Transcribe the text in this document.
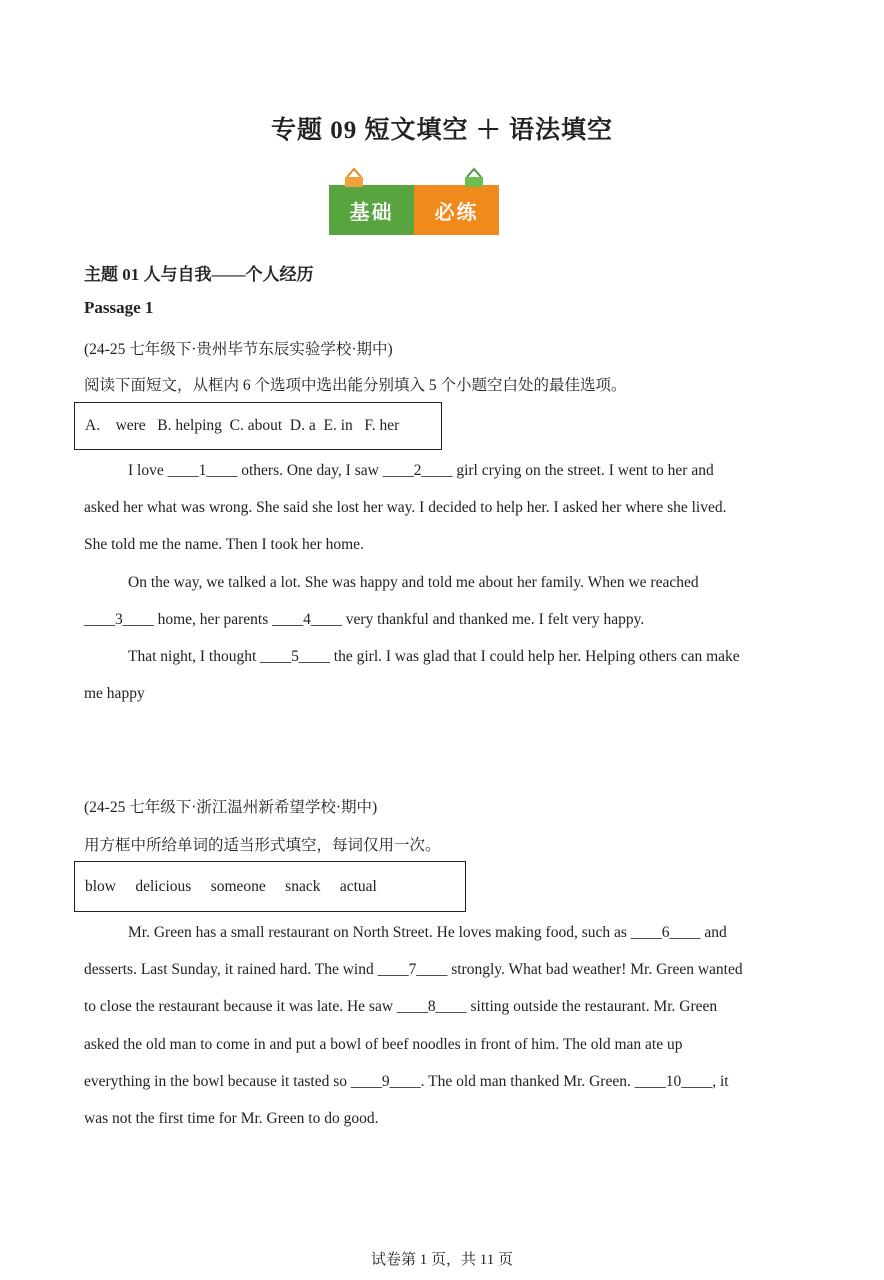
专题 09 短文填空 ＋ 语法填空
基础	必练
主题 01 人与自我——个人经历
Passage 1
(24-25 七年级下·贵州毕节东辰实验学校·期中)
阅读下面短文，从框内 6 个选项中选出能分别填入 5 个小题空白处的最佳选项。
A.    were   B. helping  C. about  D. a  E. in   F. her

I love ____1____ others. One day, I saw ____2____ girl crying on the street. I went to her and asked her what was wrong. She said she lost her way. I decided to help her. I asked her where she lived. She told me the name. Then I took her home.

On the way, we talked a lot. She was happy and told me about her family. When we reached ____3____ home, her parents ____4____ very thankful and thanked me. I felt very happy.

That night, I thought ____5____ the girl. I was glad that I could help her. Helping others can make me happy

(24-25 七年级下·浙江温州新希望学校·期中)
用方框中所给单词的适当形式填空，每词仅用一次。
blow     delicious     someone     snack     actual

Mr. Green has a small restaurant on North Street. He loves making food, such as ____6____ and desserts. Last Sunday, it rained hard. The wind ____7____ strongly. What bad weather! Mr. Green wanted to close the restaurant because it was late. He saw ____8____ sitting outside the restaurant. Mr. Green asked the old man to come in and put a bowl of beef noodles in front of him. The old man ate up everything in the bowl because it tasted so ____9____. The old man thanked Mr. Green. ____10____, it was not the first time for Mr. Green to do good.

试卷第 1 页，共 11 页
